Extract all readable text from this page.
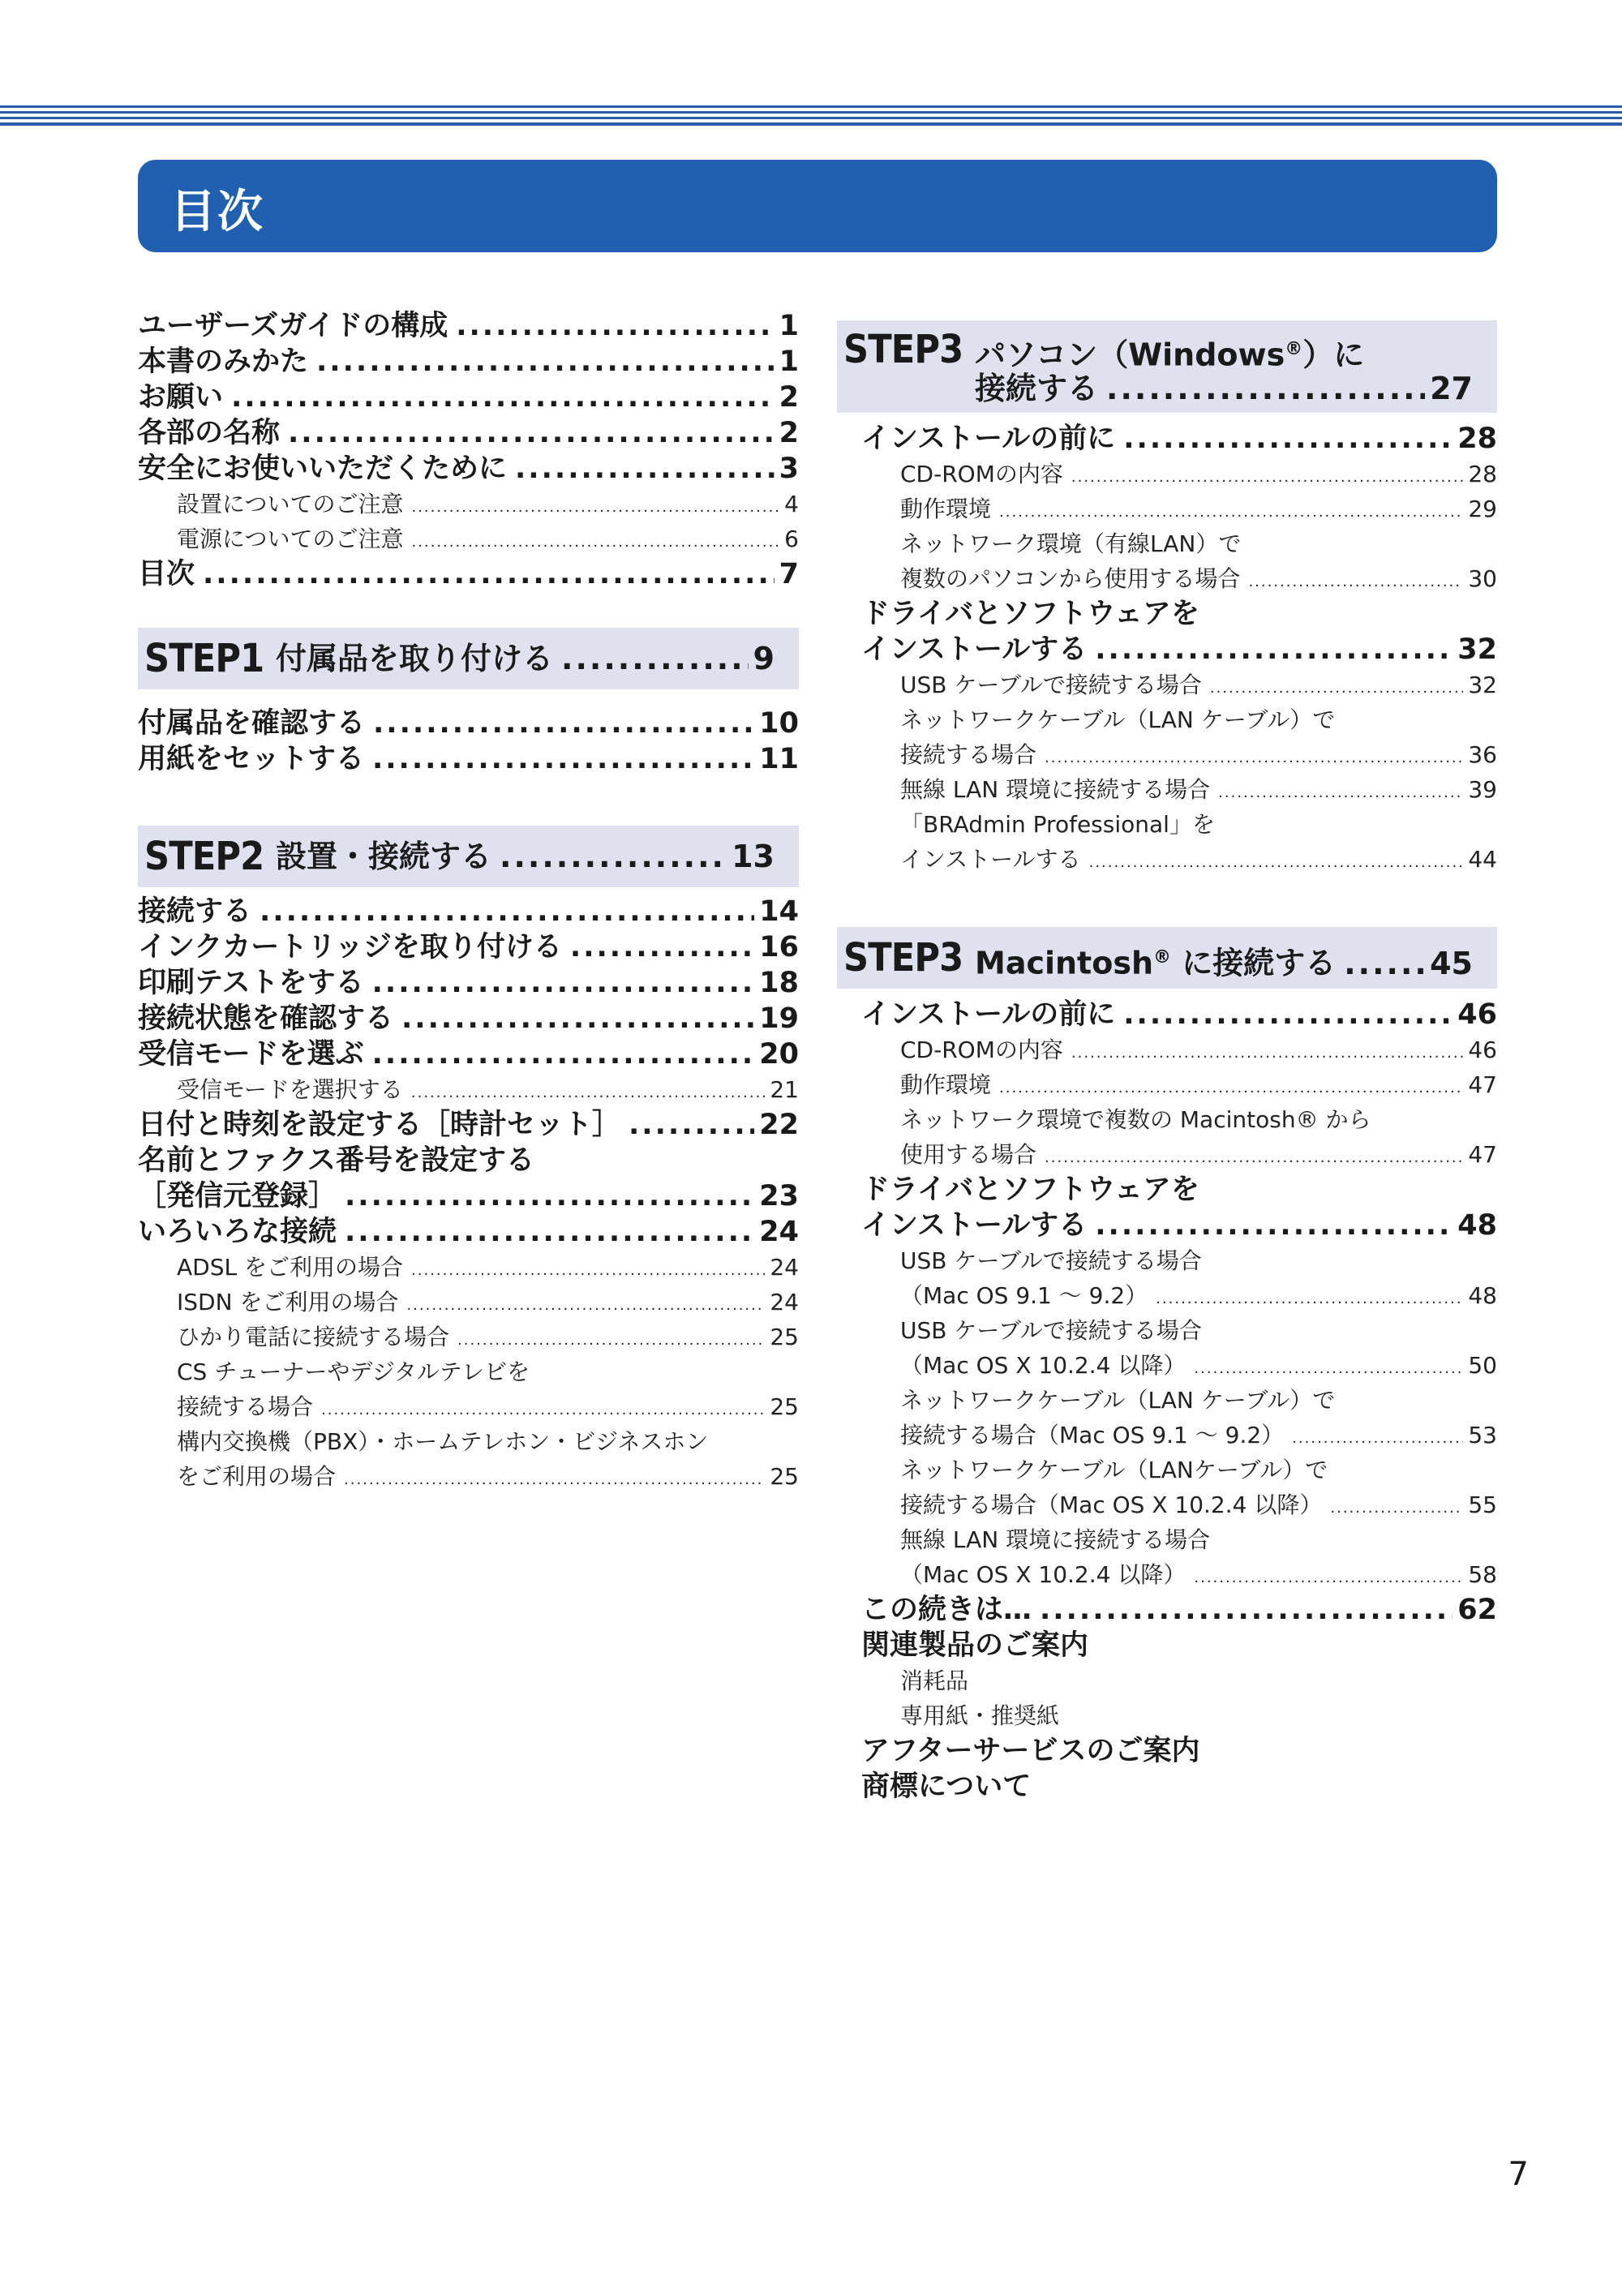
目次
ユーザーズガイドの構成 .....	1
本書のみかた .....	1
お願い .....	2
各部の名称 .....	2
安全にお使いいただくために .....	3
設置についてのご注意 .....	4
電源についてのご注意 .....	6
目次 .....	7
STEP1 付属品を取り付ける .....	9
付属品を確認する .....	10
用紙をセットする .....	11
STEP2 設置・接続する .....	13
接続する .....	14
インクカートリッジを取り付ける .....	16
印刷テストをする .....	18
接続状態を確認する .....	19
受信モードを選ぶ .....	20
受信モードを選択する .....	21
日付と時刻を設定する［時計セット］ .....	22
名前とファクス番号を設定する
［発信元登録］ .....	23
いろいろな接続 .....	24
ADSL をご利用の場合 .....	24
ISDN をご利用の場合 .....	24
ひかり電話に接続する場合 .....	25
CS チューナーやデジタルテレビを
接続する場合 .....	25
構内交換機（PBX）・ホームテレホン・ビジネスホン
をご利用の場合 .....	25
STEP3 パソコン（Windows®）に
接続する .....	27
インストールの前に .....	28
CD-ROMの内容 .....	28
動作環境 .....	29
ネットワーク環境（有線LAN）で
複数のパソコンから使用する場合 .....	30
ドライバとソフトウェアを
インストールする .....	32
USB ケーブルで接続する場合 .....	32
ネットワークケーブル（LAN ケーブル）で
接続する場合 .....	36
無線 LAN 環境に接続する場合 .....	39
「BRAdmin Professional」を
インストールする .....	44
STEP3 Macintosh® に接続する .....	45
インストールの前に .....	46
CD-ROMの内容 .....	46
動作環境 .....	47
ネットワーク環境で複数の Macintosh® から
使用する場合 .....	47
ドライバとソフトウェアを
インストールする .....	48
USB ケーブルで接続する場合
（Mac OS 9.1 ～ 9.2） .....	48
USB ケーブルで接続する場合
（Mac OS X 10.2.4 以降） .....	50
ネットワークケーブル（LAN ケーブル）で
接続する場合（Mac OS 9.1 ～ 9.2） .....	53
ネットワークケーブル（LANケーブル）で
接続する場合（Mac OS X 10.2.4 以降） .....	55
無線 LAN 環境に接続する場合
（Mac OS X 10.2.4 以降） .....	58
この続きは… .....	62
関連製品のご案内
消耗品
専用紙・推奨紙
アフターサービスのご案内
商標について
7
